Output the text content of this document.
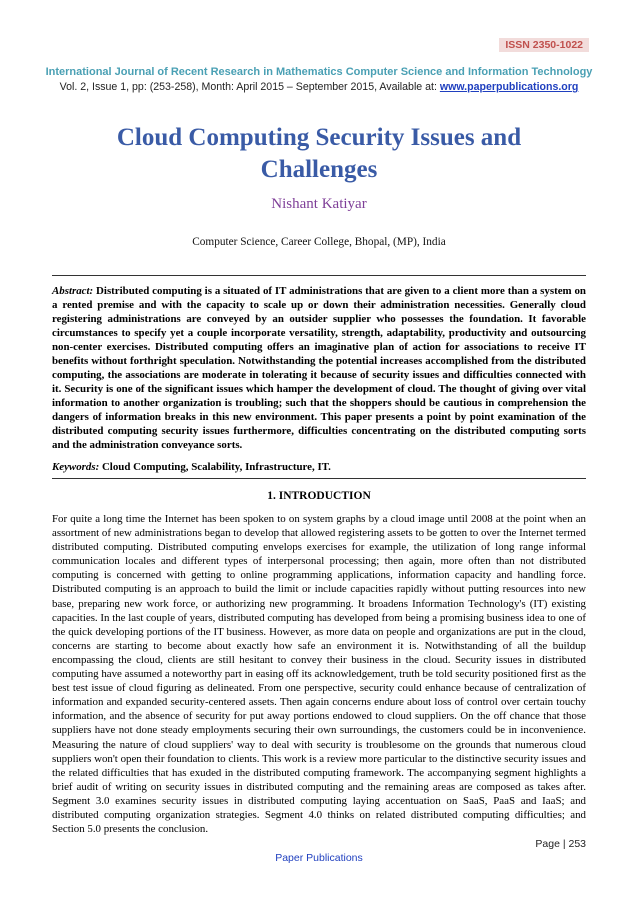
ISSN 2350-1022
International Journal of Recent Research in Mathematics Computer Science and Information Technology
Vol. 2, Issue 1, pp: (253-258), Month: April 2015 – September 2015, Available at: www.paperpublications.org
Cloud Computing Security Issues and Challenges
Nishant Katiyar
Computer Science, Career College, Bhopal, (MP), India
Abstract: Distributed computing is a situated of IT administrations that are given to a client more than a system on a rented premise and with the capacity to scale up or down their administration necessities. Generally cloud registering administrations are conveyed by an outsider supplier who possesses the foundation. It favorable circumstances to specify yet a couple incorporate versatility, strength, adaptability, productivity and outsourcing non-center exercises. Distributed computing offers an imaginative plan of action for associations to receive IT benefits without forthright speculation. Notwithstanding the potential increases accomplished from the distributed computing, the associations are moderate in tolerating it because of security issues and difficulties connected with it. Security is one of the significant issues which hamper the development of cloud. The thought of giving over vital information to another organization is troubling; such that the shoppers should be cautious in comprehension the dangers of information breaks in this new environment. This paper presents a point by point examination of the distributed computing security issues furthermore, difficulties concentrating on the distributed computing sorts and the administration conveyance sorts.
Keywords: Cloud Computing, Scalability, Infrastructure, IT.
1. INTRODUCTION
For quite a long time the Internet has been spoken to on system graphs by a cloud image until 2008 at the point when an assortment of new administrations began to develop that allowed registering assets to be gotten to over the Internet termed distributed computing. Distributed computing envelops exercises for example, the utilization of long range informal communication locales and different types of interpersonal processing; then again, more often than not distributed computing is concerned with getting to online programming applications, information capacity and handling force. Distributed computing is an approach to build the limit or include capacities rapidly without putting resources into new base, preparing new work force, or authorizing new programming. It broadens Information Technology's (IT) existing capacities. In the last couple of years, distributed computing has developed from being a promising business idea to one of the quick developing portions of the IT business. However, as more data on people and organizations are put in the cloud, concerns are starting to become about exactly how safe an environment it is. Notwithstanding of all the buildup encompassing the cloud, clients are still hesitant to convey their business in the cloud. Security issues in distributed computing have assumed a noteworthy part in easing off its acknowledgement, truth be told security positioned first as the best test issue of cloud figuring as delineated. From one perspective, security could enhance because of centralization of information and expanded security-centered assets. Then again concerns endure about loss of control over certain touchy information, and the absence of security for put away portions endowed to cloud suppliers. On the off chance that those suppliers have not done steady employments securing their own surroundings, the customers could be in inconvenience. Measuring the nature of cloud suppliers' way to deal with security is troublesome on the grounds that numerous cloud suppliers won't open their foundation to clients. This work is a review more particular to the distinctive security issues and the related difficulties that has exuded in the distributed computing framework. The accompanying segment highlights a brief audit of writing on security issues in distributed computing and the remaining areas are composed as takes after. Segment 3.0 examines security issues in distributed computing laying accentuation on SaaS, PaaS and IaaS; and distributed computing organization strategies. Segment 4.0 thinks on related distributed computing difficulties; and Section 5.0 presents the conclusion.
Page | 253
Paper Publications
